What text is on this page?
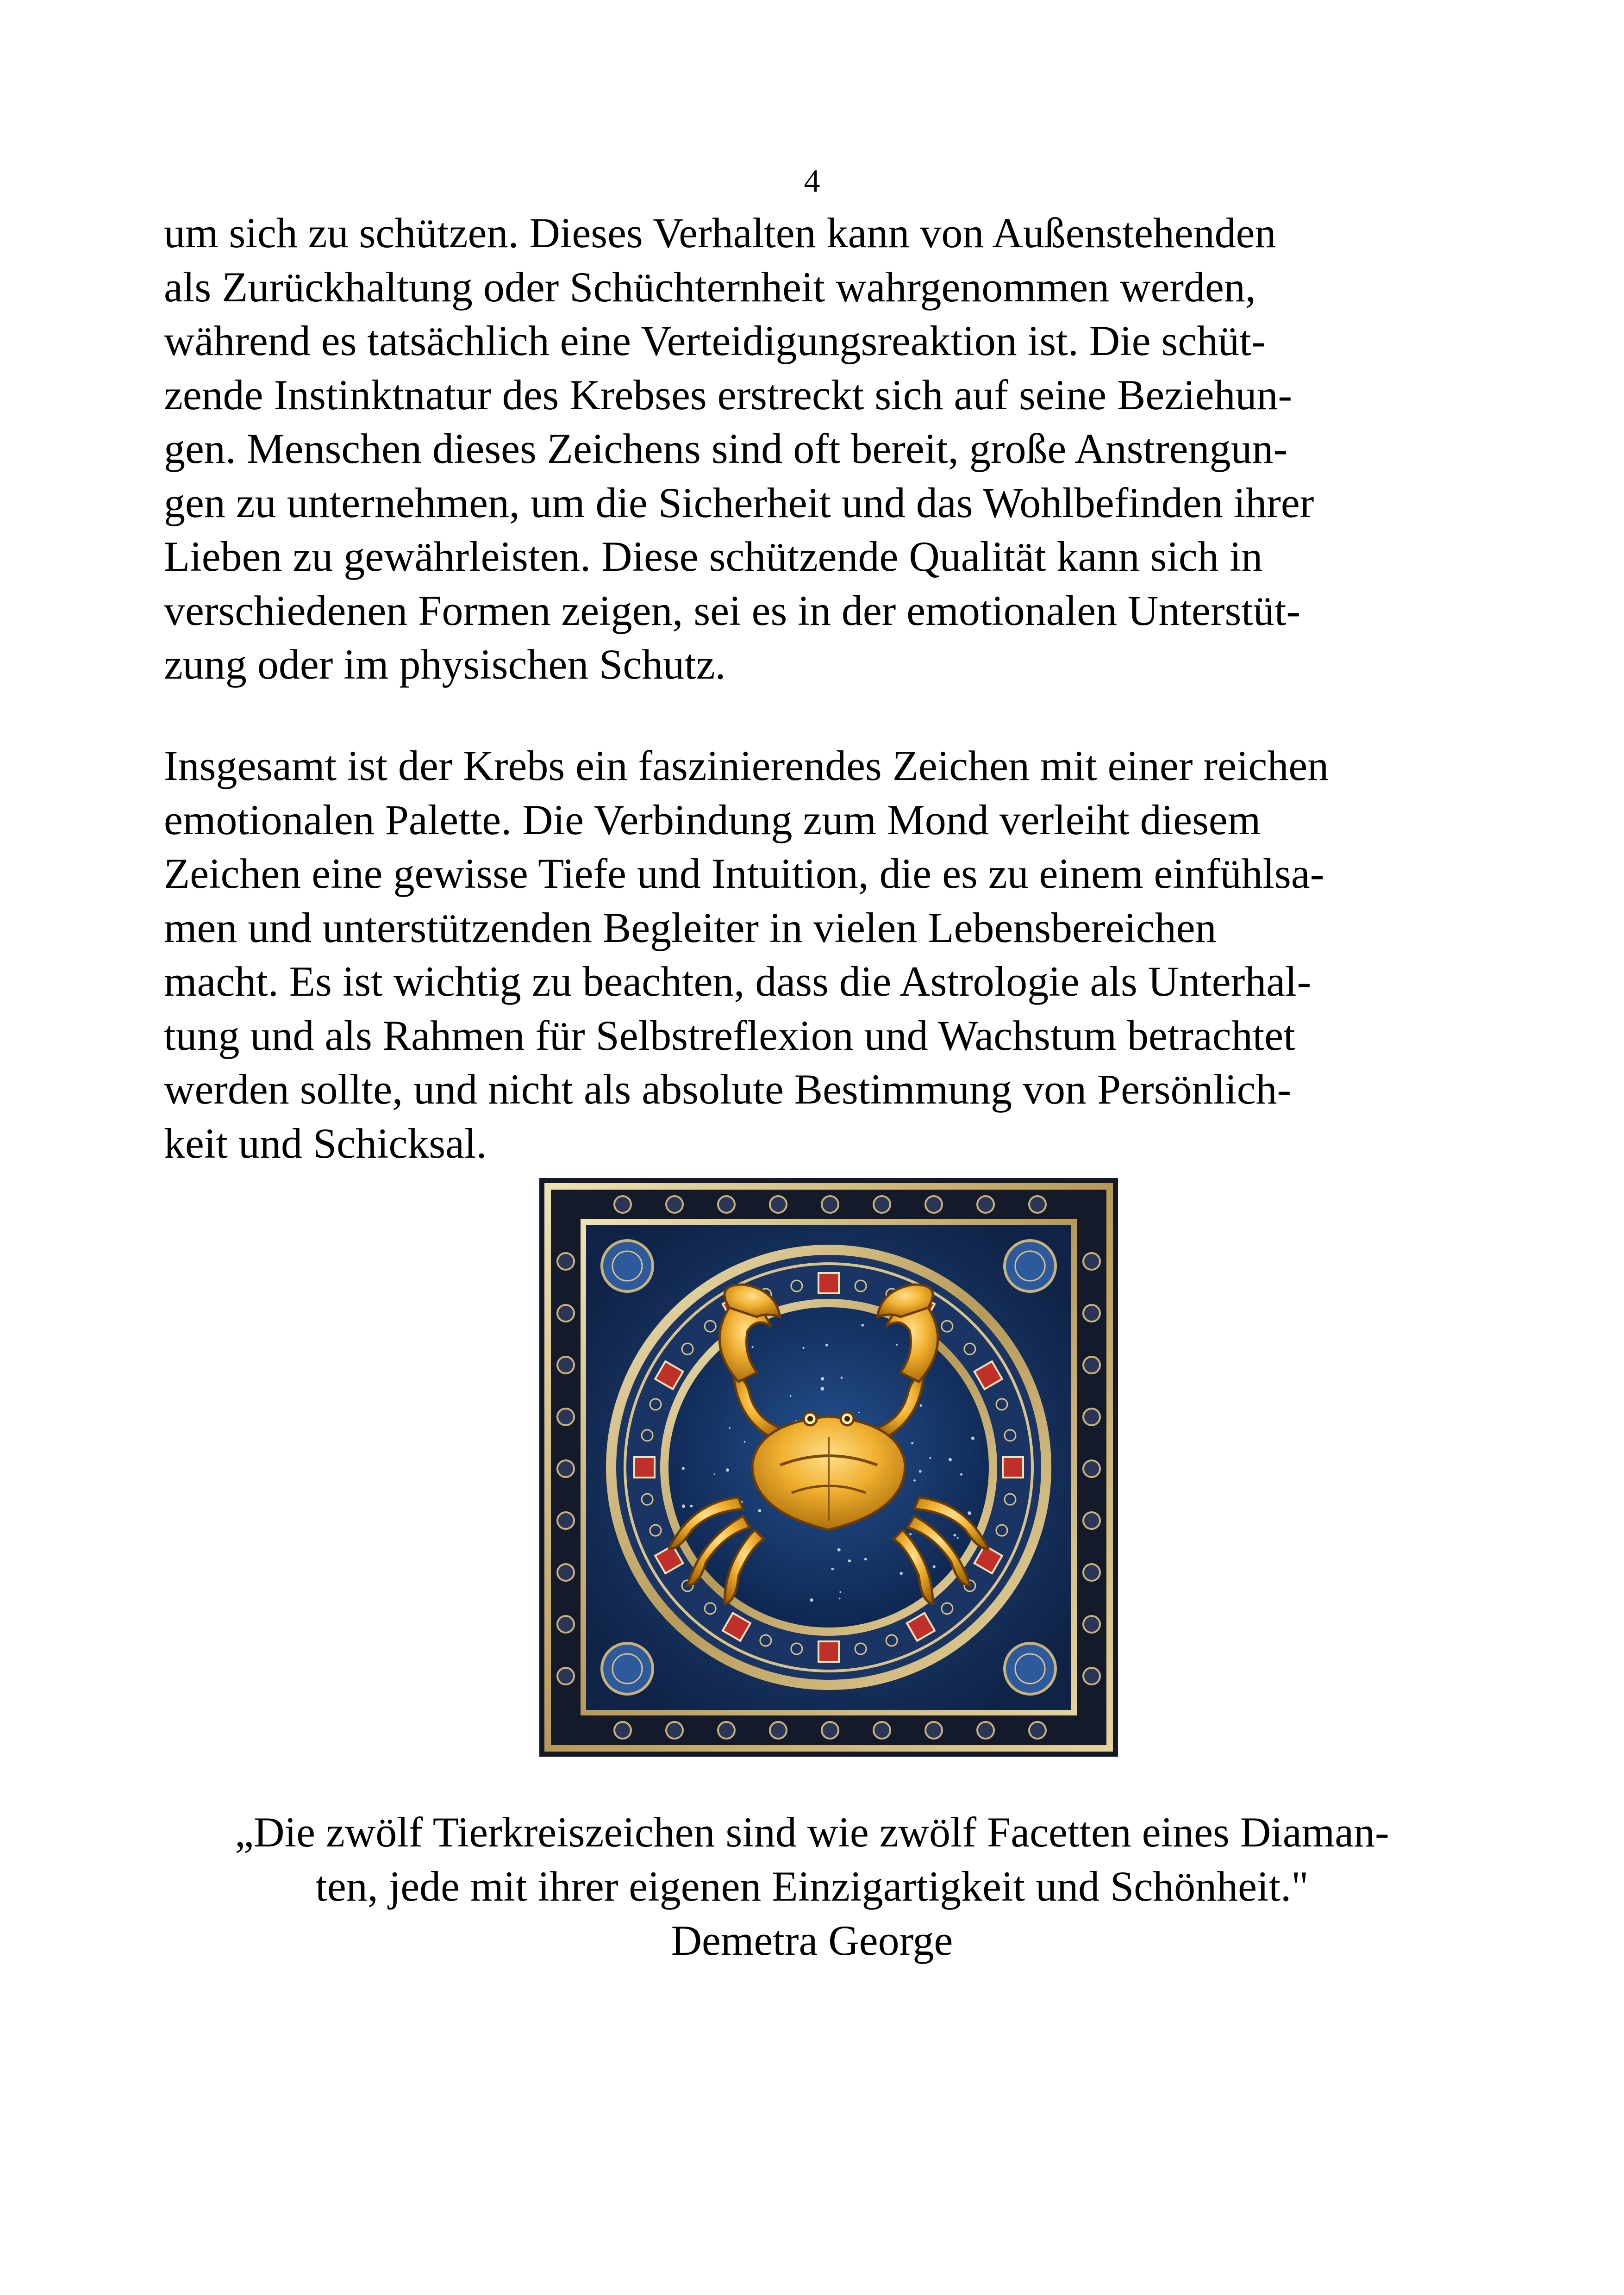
4

um sich zu schützen. Dieses Verhalten kann von Außenstehenden
als Zurückhaltung oder Schüchternheit wahrgenommen werden,
während es tatsächlich eine Verteidigungsreaktion ist. Die schüt-
zende Instinktnatur des Krebses erstreckt sich auf seine Beziehun-
gen. Menschen dieses Zeichens sind oft bereit, große Anstrengun-
gen zu unternehmen, um die Sicherheit und das Wohlbefinden ihrer
Lieben zu gewährleisten. Diese schützende Qualität kann sich in
verschiedenen Formen zeigen, sei es in der emotionalen Unterstüt-
zung oder im physischen Schutz.

Insgesamt ist der Krebs ein faszinierendes Zeichen mit einer reichen
emotionalen Palette. Die Verbindung zum Mond verleiht diesem
Zeichen eine gewisse Tiefe und Intuition, die es zu einem einfühlsa-
men und unterstützenden Begleiter in vielen Lebensbereichen
macht. Es ist wichtig zu beachten, dass die Astrologie als Unterhal-
tung und als Rahmen für Selbstreflexion und Wachstum betrachtet
werden sollte, und nicht als absolute Bestimmung von Persönlich-
keit und Schicksal.

„Die zwölf Tierkreiszeichen sind wie zwölf Facetten eines Diaman-
ten, jede mit ihrer eigenen Einzigartigkeit und Schönheit."
Demetra George
